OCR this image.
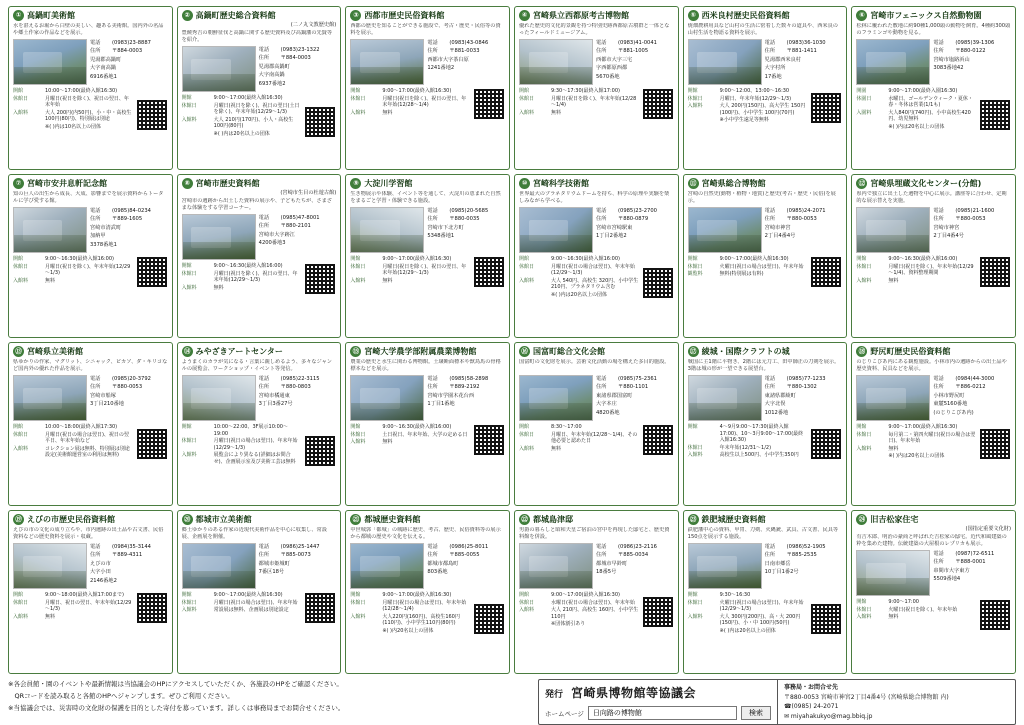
① 高鍋町美術館
水を湛えるお堀から白壁の美しい、趣ある美術館。国内外の名品や郷土作家の作品などを展示。
電話	(0983)23-8887
住所	〒884-0003
児湯郡高鍋町
大字南高鍋
6916番地1
開館	10:00～17:00(最終入館16:30)
休館日	月曜日(祝日を除く)、祝日の翌日、年末年始
入館料	大人 200円(内50円)、小・中・高校生 100円(80円)、特別展は別途
※( )内は10名以上の団体
② 高鍋町歴史総合資料館
(二ノ丸文教歴史館)
豊饒秀吉の朝鮮征伐と高鍋に関する歴史資料及び高鍋藩の先賢等を紹介。
電話	(0983)23-1322
住所	〒884-0003
児湯郡高鍋町
大字南高鍋
6937番地2
開館	9:00～17:00(最終入館16:30)
休館日	月曜日(祝日を除く)、祝日の翌日(土日を除く)、年末年始(12/29～1/3)
入館料	大人 210円(170円)、小人・高校生 100円(80円)
※( )内は20名以上の団体
③ 西都市歴史民俗資料館
西都の歴史を知ることができる施設で、考古・歴史・民俗等の資料を展示。
電話	(0983)43-0846
住所	〒881-0033
西都市大字茶臼原
1241番地2
開館	9:00～17:00(最終入館16:30)
休館日	月曜日(祝日を除く)、祝日の翌日、年末年始(12/28～1/4)
入館料	無料
④ 宮崎県立西都原考古博物館
優れた歴史的文化的景観を持つ特別史跡西都原古墳群と一体となったフィールドミュージアム。
電話	(0983)41-0041
住所	〒881-1005
西都市大字三宅
字西都原西都
5670番地
開館	9:30～17:30(最終入館17:00)
休館日	月曜日(祝日を除く)、年末年始(12/28～1/4)
入館料	無料
⑤ 西米良村歴史民俗資料館
焼畑農耕用具など山村の生活に密着した数々の道具や、西米良の山村生活を物語る資料を展示。
電話	(0983)36-1030
住所	〒881-1411
児湯郡西米良村
大字村所
17番地
開館	9:00～12:00、13:00～16:30
休館日	月曜日、年末年始(12/29～1/3)
入館料	大人 200円(150円)、高大学生 150円(100円)、小中学生 100円(70円)
※小中学生遠足等無料
⑥ 宮崎市フェニックス自然動物園
松林に覆われた敷地に約90種1,000頭の動物を飼育。4種約300頭のフラミンゴや動物を見る。
電話	(0985)39-1306
住所	〒880-0122
宮崎市塩路浜山
3083番地42
開園	9:00～17:00(最終入園16:30)
休園日	水曜日、ゴールデンウィーク・夏休・春・冬休は営業(1/1も)
入園料	大人840円(740円)、小中高校生420円、幼児無料
※( )内は20名以上の団体
⑦ 宮崎市安井息軒記念館
知の巨人の出生から成長、大成、影響までを展示資料からトータルに学び愛する館。
電話	(0985)84-0234
住所	〒889-1605
宮崎市清武町
加納甲
3378番地1
開館	9:00～16:30(最終入館16:00)
休館日	月曜日(祝日を除く)、年末年始(12/29～1/3)
入館料	無料
⑧ 宮崎市歴史資料館
(宮崎市生目の杜遊古館)
宮崎市の遺跡から出土した資料の展示や、子どもたちが、さまざまな体験をする学習コーナー。
電話	(0985)47-8001
住所	〒880-2101
宮崎市大字跡江
4200番地3
開館	9:00～16:30(最終入館16:00)
休館日	月曜日(祝日を除く)、祝日の翌日、年末年始(12/29～1/3)
入館料	無料
⑨ 大淀川学習館
生き物展示や体験、イベント等を通して、大淀川の恵まれた自然をまるごと学習・体験できる施設。
電話	(0985)20-5685
住所	〒880-0035
宮崎市下北方町
5348番地1
開館	9:00～17:00(最終入館16:30)
休館日	月曜日(祝日を除く)、祝日の翌日、年末年始(12/29～1/3)
入館料	無料
⑩ 宮崎科学技術館
世界最大のプラネタリウムドームを持ち、科学の原理や実験を楽しみながら学べる。
電話	(0985)23-2700
住所	〒880-0879
宮崎市宮崎駅東
1丁目2番地2
開館	9:00～16:30(最終入館16:00)
休館日	月曜日(祝日の場合は翌日)、年末年始(12/29～1/3)
入館料	大人 540円、高校生 320円、小中学生 210円、プラネタリウム含む
※( )内は20名以上の団体
⑪ 宮崎県総合博物館
宮崎の自然史(動物・植物・地質)と歴史(考古・歴史・民俗)を展示。
電話	(0985)24-2071
住所	〒880-0053
宮崎市神宮
2丁目4番4号
開館	9:00～17:00(最終入館16:30)
休館日	火曜日(祝日の場合は翌日)、年末年始
観覧料	無料(特別展は有料)
⑫ 宮崎県埋蔵文化センター(分館)
県内で独立に出土した遺物を中心に展示。講座等に合わせ、定期的な展示替えを実施。
電話	(0985)21-1600
住所	〒880-0053
宮崎市神宮
2丁目4番4号
開館	9:00～16:30(最終入館16:00)
休館日	月曜日(祝日を除く)、年末年始(12/29～1/4)、資料整理期間
入館料	無料
⑬ 宮崎県立美術館
県ゆかりの作家、マグリット、シニャック、ピカソ、ダ・キリコなど国内外の優れた作品を展示。
電話	(0985)20-3792
住所	〒880-0053
宮崎市船塚
3丁目210番地
開館	10:00～18:00(最終入館17:30)
休館日	月曜日(祝日の場合は翌日)、祝日の翌平日、年末年始など
入館料	コレクション展は無料、特別展は別途設定(美術館運営室の利用は無料)
⑭ みやざきアートセンター
ようまくのカラが気になる・言葉に親しめるよう、多々なジャンルの展覧会、ワークショップ・イベント等発信。
電話	(0985)22-3115
住所	〒880-0803
宮崎市橘通東
3丁目3番27号
開館	10:00～22:00、3F展示10:00～19:00
休館日	月曜日(祝日の場合は翌日)、年末年始(12/29～1/3)
入館料	展覧会により異なる(詳細はお問合せ)、企画展示室及び美術工芸は無料
⑮ 宮崎大学農学部附属農業博物館
農業の歴史と水生に関わる博物館。土壌断面標本や獣鳥馬の骨格標本などを展示。
電話	(0985)58-2898
住所	〒889-2192
宮崎市学園木花台西
1丁目1番地
開館	9:00～16:30(最終入館16:00)
休館日	土日祝日、年末年始、大学の定める日
入館料	無料
⑯ 国富町総合文化会館
国富町の文化財を展示。芸術文化活動の場を構えた多目的施設。
電話	(0985)75-2361
住所	〒880-1101
東諸県郡国富町
大字本庄
4820番地
開館	8:30～17:00
休館日	月曜日、年末年始(12/28～1/4)、その他必要と認めた日
入館料	無料
⑰ 綾城・国際クラフトの城
戦国に主1階に平物き、2階には元刀工、田中師正の刀剣を展示。3階は城の形が一望できる展望台。
電話	(0985)77-1233
住所	〒880-1302
東諸県郡綾町
大字北俣
1012番地
開館	4～9月9:00～17:30(最終入館17:00)、10～3月9:00～17:00(最終入館16:30)
休館日	年末年始(12/31～1/2)
入館料	高校生以上500円、小中学生350円
⑱ 野尻町歴史民俗資料館
のじりこぴあ内にある観覧施設。小林市内の遺跡からの出土品や歴史資料、民具などを展示。
電話	(0984)44-3000
住所	〒886-0212
小林市野尻町
東麓5160番地
(のじりこぴあ内)
開館	9:00～17:00(最終入館16:30)
休館日	毎月第二・第四火曜日(祝日の場合は翌日)、年末年始
入館料	無料
※( )内は20名以上の団体
⑲ えびの市歴史民俗資料館
えびの市の文化の成り立ちや、市内遺跡の出土品や古文書、民俗資料などの歴史資料を展示・収蔵。
電話	(0984)35-3144
住所	〒889-4311
えびの市
大字小田
2146番地2
開館	9:00～18:00(最終入館17:00まで)
休館日	月曜日、祝日の翌日、年末年始(12/29～1/3)
入館料	無料
⑳ 都城市立美術館
郷土ゆかりのある作家の近現代美術作品を中心に収集し、常設展、企画展を開催。
電話	(0986)25-1447
住所	〒885-0073
都城市姫城町
7番区18号
開館	9:00～17:00(最終入館16:30)
休館日	月曜日(祝日の場合は翌日)、年末年始
入館料	常設展は無料、企画展は別途設定
㉑ 都城歴史資料館
中世城郭「都城」の城跡に歴史、考古、歴史、民俗資料等の展示から都城の歴史や文化を伝える。
電話	(0986)25-8011
住所	〒885-0055
都城市都島町
803番地
開館	9:00～17:00(最終入館16:30)
休館日	月曜日(祝日の場合は翌日)、年末年始(12/28～1/4)
入館料	大人220円(160円)、高校生160円(110円)、小中学生110円(80円)
※( )内20名以上の団体
㉒ 都城島津邸
男爵の暮らしと昭和天皇ご宿泊の宮中を再現した邸宅と、歴史資料館を併設。
電話	(0986)23-2116
住所	〒885-0034
都城市早鈴町
18番5号
開館	9:00～17:00(最終入館16:30)
休館日	水曜日(祝日の場合は翌日)、年末年始
入館料	大人 210円、高校生 160円、小中学生 110円
※団体割引あり
㉓ 鉄肥城歴史資料館
鉄肥藩中心の資料、甲冑、刀剣、火縄銃、武具、古文書、民具等150点を展示する施設。
電話	(0986)52-1905
住所	〒885-2535
日南市郷岳
10丁目1番2号
開館	9:30～16:30
休館日	火曜日(祝日の場合は翌日)、年末年始(12/29～1/3)
入館料	大人 300円(200円)、高・大 200円(150円)、小・中 100円(50円)
※( )内は20名以上の団体
㉔ 旧吉松家住宅
(国指定重要文化財)
有吉木郎、明治の豪商と呼ばれた吉松家の邸宅。近代和風建築の粋を集めた建物。伝統建築の大屋根のレプリカも展示。
電話	(0987)72-6511
住所	〒888-0001
串間市大字東方
5509番地4
開館	9:00～17:00
休館日	火曜日(祝日を除く)、年末年始
入館料	無料
※各会員館・園のイベントや最新情報は当協議会のHPにアクセスしていただくか、各施設のHPをご確認ください。
　QRコードを読み取ると各館のHPへジャンプします。ぜひご利用ください。
※当協議会では、災害時の文化財の保護を目的とした寄付を募っています。詳しくは事務局までお問合せください。
発行 宮崎県博物館等協議会
ホームページ
日向路の博物館	検索
事務局・お問合せ先
〒880-0053 宮崎市神宮2丁目4番4号 (宮崎県総合博物館 内)
☎(0985) 24-2071
✉ miyahakukyo@mag.bbiq.jp
